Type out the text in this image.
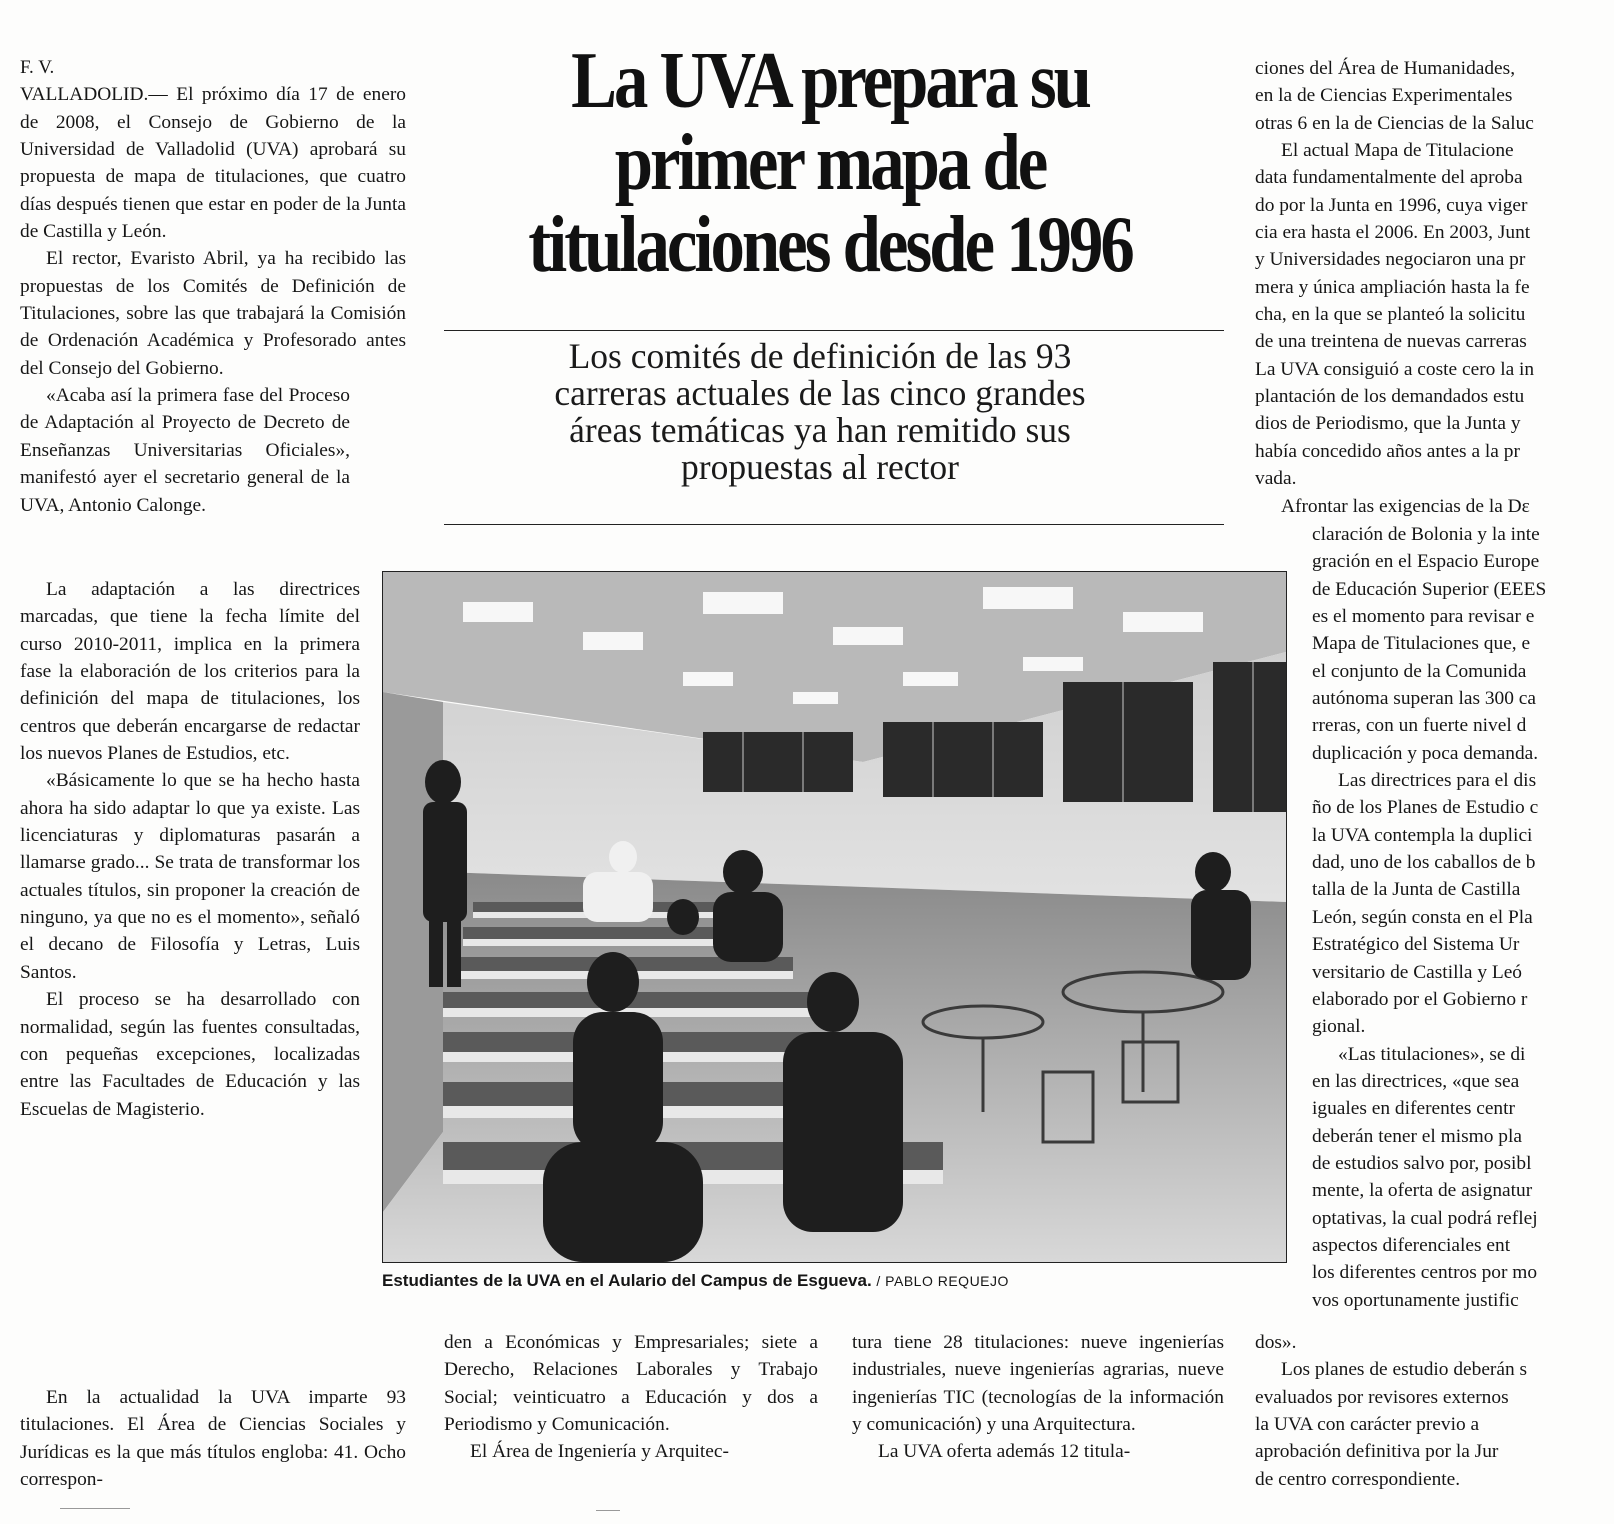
La UVA prepara su
primer mapa de
titulaciones desde 1996
Los comités de definición de las 93
carreras actuales de las cinco grandes
áreas temáticas ya han remitido sus
propuestas al rector

F. V.

VALLADOLID.— El próximo día 17 de enero de 2008, el Consejo de Gobierno de la Universidad de Valladolid (UVA) aprobará su propuesta de mapa de titulaciones, que cuatro días después tienen que estar en poder de la Junta de Castilla y León.

El rector, Evaristo Abril, ya ha recibido las propuestas de los Comités de Definición de Titulaciones, sobre las que trabajará la Comisión de Ordenación Académica y Profesorado antes del Consejo del Gobierno.

«Acaba así la primera fase del Proceso de Adaptación al Proyecto de Decreto de Enseñanzas Universitarias Oficiales», manifestó ayer el secretario general de la UVA, Antonio Calonge.

La adaptación a las directrices marcadas, que tiene la fecha límite del curso 2010-2011, implica en la primera fase la elaboración de los criterios para la definición del mapa de titulaciones, los centros que deberán encargarse de redactar los nuevos Planes de Estudios, etc.

«Básicamente lo que se ha hecho hasta ahora ha sido adaptar lo que ya existe. Las licenciaturas y diplomaturas pasarán a llamarse grado... Se trata de transformar los actuales títulos, sin proponer la creación de ninguno, ya que no es el momento», señaló el decano de Filosofía y Letras, Luis Santos.

El proceso se ha desarrollado con normalidad, según las fuentes consultadas, con pequeñas excepciones, localizadas entre las Facultades de Educación y las Escuelas de Magisterio.

En la actualidad la UVA imparte 93 titulaciones. El Área de Ciencias Sociales y Jurídicas es la que más títulos engloba: 41. Ocho correspon-

den a Económicas y Empresariales; siete a Derecho, Relaciones Laborales y Trabajo Social; veinticuatro a Educación y dos a Periodismo y Comunicación.

El Área de Ingeniería y Arquitec-

tura tiene 28 titulaciones: nueve ingenierías industriales, nueve ingenierías agrarias, nueve ingenierías TIC (tecnologías de la información y comunicación) y una Arquitectura.

La UVA oferta además 12 titula-

ciones del Área de Humanidades,
en la de Ciencias Experimentales
otras 6 en la de Ciencias de la Saluc
El actual Mapa de Titulacione
data fundamentalmente del aproba
do por la Junta en 1996, cuya viger
cia era hasta el 2006. En 2003, Junt
y Universidades negociaron una pr
mera y única ampliación hasta la fe
cha, en la que se planteó la solicitu
de una treintena de nuevas carreras
La UVA consiguió a coste cero la in
plantación de los demandados estu
dios de Periodismo, que la Junta y
había concedido años antes a la pr
vada.
Afrontar las exigencias de la Dε
claración de Bolonia y la inte
gración en el Espacio Europe
de Educación Superior (EEES
es el momento para revisar e
Mapa de Titulaciones que, e
el conjunto de la Comunida
autónoma superan las 300 ca
rreras, con un fuerte nivel d
duplicación y poca demanda.
Las directrices para el dis
ño de los Planes de Estudio c
la UVA contempla la duplici
dad, uno de los caballos de b
talla de la Junta de Castilla
León, según consta en el Pla
Estratégico del Sistema Ur
versitario de Castilla y Leó
elaborado por el Gobierno r
gional.
«Las titulaciones», se di
en las directrices, «que sea
iguales en diferentes centr
deberán tener el mismo pla
de estudios salvo por, posibl
mente, la oferta de asignatur
optativas, la cual podrá reflej
aspectos diferenciales ent
los diferentes centros por mo
vos oportunamente justific
dos».
Los planes de estudio deberán s
evaluados por revisores externos
la UVA con carácter previo a
aprobación definitiva por la Jur
de centro correspondiente.

Estudiantes de la UVA en el Aulario del Campus de Esgueva. / PABLO REQUEJO
